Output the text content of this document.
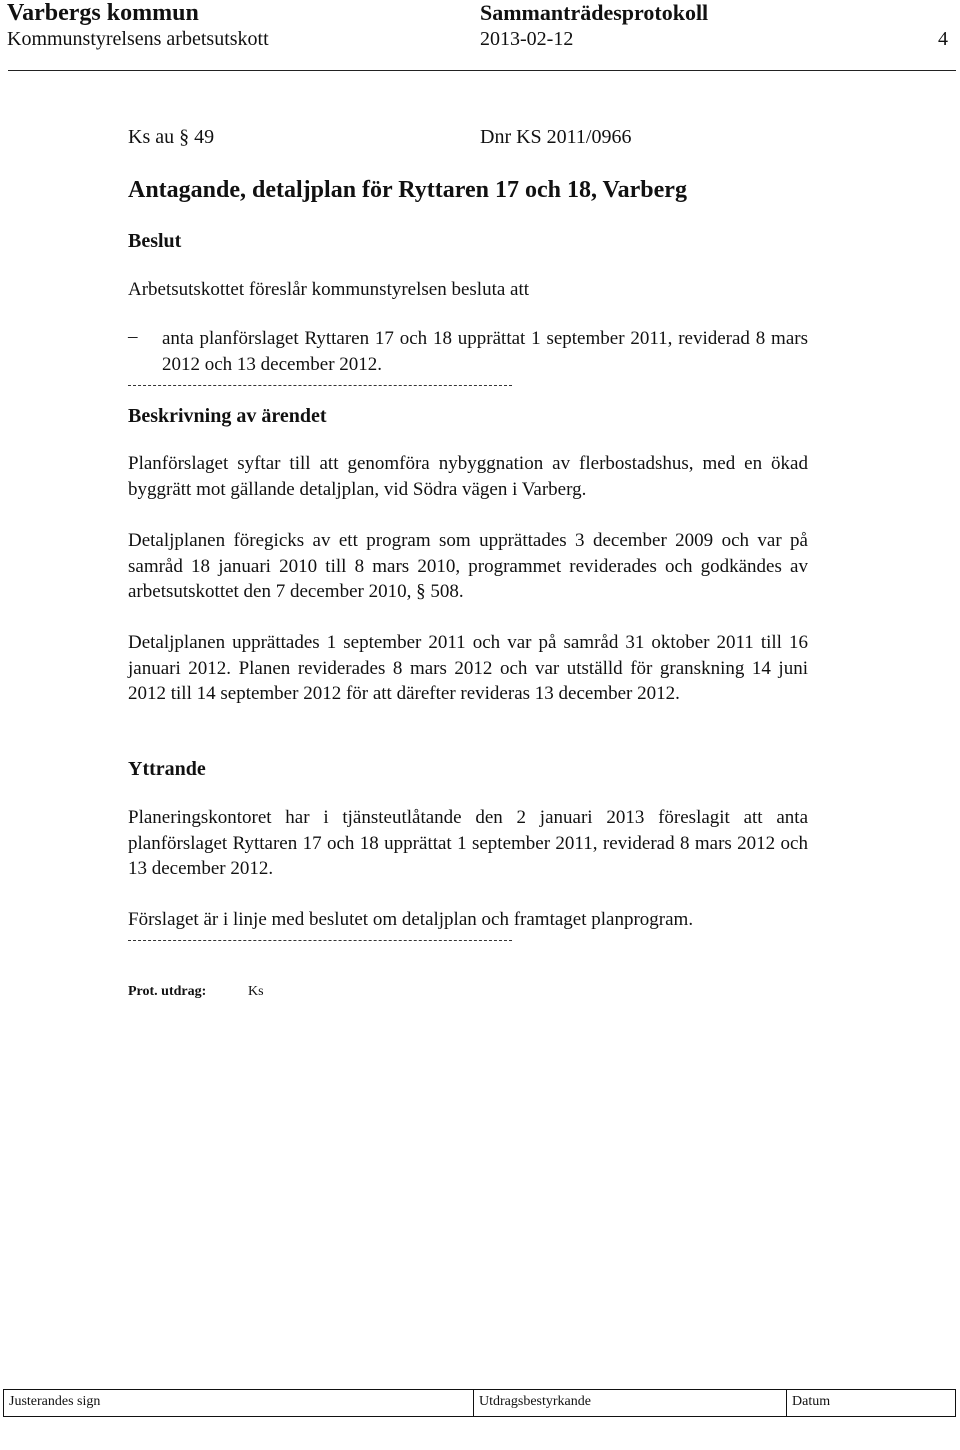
Varbergs kommun	Sammanträdesprotokoll
Kommunstyrelsens arbetsutskott	2013-02-12	4
Ks au § 49	Dnr KS 2011/0966
Antagande, detaljplan för Ryttaren 17 och 18, Varberg
Beslut
Arbetsutskottet föreslår kommunstyrelsen besluta att
– anta planförslaget Ryttaren 17 och 18 upprättat 1 september 2011, reviderad 8 mars 2012 och 13 december 2012.
Beskrivning av ärendet
Planförslaget syftar till att genomföra nybyggnation av flerbostadshus, med en ökad byggrätt mot gällande detaljplan, vid Södra vägen i Varberg.
Detaljplanen föregicks av ett program som upprättades 3 december 2009 och var på samråd 18 januari 2010 till 8 mars 2010, programmet reviderades och godkändes av arbetsutskottet den 7 december 2010, § 508.
Detaljplanen upprättades 1 september 2011 och var på samråd 31 oktober 2011 till 16 januari 2012. Planen reviderades 8 mars 2012 och var utställd för granskning 14 juni 2012 till 14 september 2012 för att därefter revideras 13 december 2012.
Yttrande
Planeringskontoret har i tjänsteutlåtande den 2 januari 2013 föreslagit att anta planförslaget Ryttaren 17 och 18 upprättat 1 september 2011, reviderad 8 mars 2012 och 13 december 2012.
Förslaget är i linje med beslutet om detaljplan och framtaget planprogram.
Prot. utdrag:	Ks
Justerandes sign	Utdragsbestyrkande	Datum
